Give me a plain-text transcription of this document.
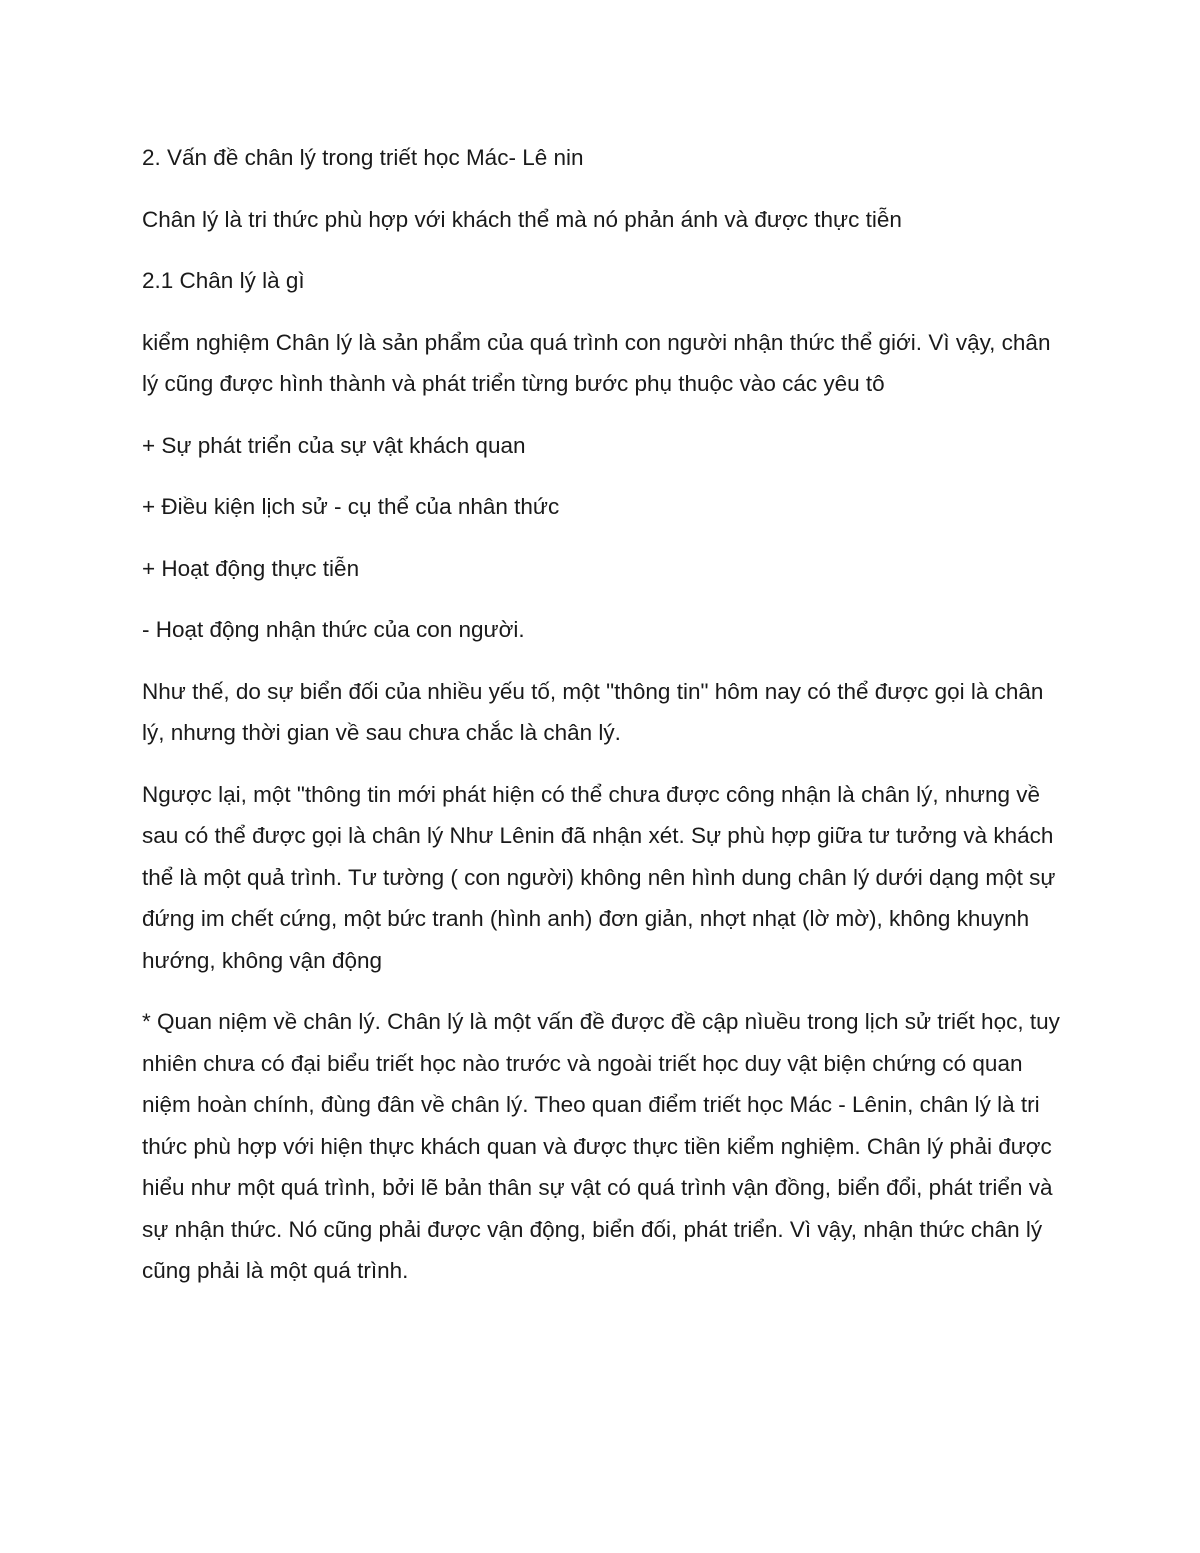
2. Vấn đề chân lý trong triết học Mác- Lê nin

Chân lý là tri thức phù hợp với khách thể mà nó phản ánh và được thực tiễn

2.1 Chân lý là gì

kiểm nghiệm Chân lý là sản phẩm của quá trình con người nhận thức thể giới. Vì vậy, chân lý cũng được hình thành và phát triển từng bước phụ thuộc vào các yêu tô

+ Sự phát triển của sự vật khách quan

+ Điều kiện lịch sử - cụ thể của nhân thức

+ Hoạt động thực tiễn

- Hoạt động nhận thức của con người.

Như thế, do sự biển đối của nhiều yếu tố, một "thông tin" hôm nay có thể được gọi là chân lý, nhưng thời gian về sau chưa chắc là chân lý.

Ngược lại, một "thông tin mới phát hiện có thể chưa được công nhận là chân lý, nhưng về sau có thể được gọi là chân lý Như Lênin đã nhận xét. Sự phù hợp giữa tư tưởng và khách thể là một quả trình. Tư tường ( con người) không nên hình dung chân lý dưới dạng một sự đứng im chết cứng, một bức tranh (hình anh) đơn giản, nhợt nhạt (lờ mờ), không khuynh hướng, không vận động

* Quan niệm về chân lý. Chân lý là một vấn đề được đề cập nìuều trong lịch sử triết học, tuy nhiên chưa có đại biểu triết học nào trước và ngoài triết học duy vật biện chứng có quan niệm hoàn chính, đùng đân về chân lý. Theo quan điểm triết học Mác - Lênin, chân lý là tri thức phù hợp với hiện thực khách quan và được thực tiền kiểm nghiệm. Chân lý phải được hiểu như một quá trình, bởi lẽ bản thân sự vật có quá trình vận đồng, biển đổi, phát triển và sự nhận thức. Nó cũng phải được vận động, biển đối, phát triển. Vì vậy, nhận thức chân lý cũng phải là một quá trình.
